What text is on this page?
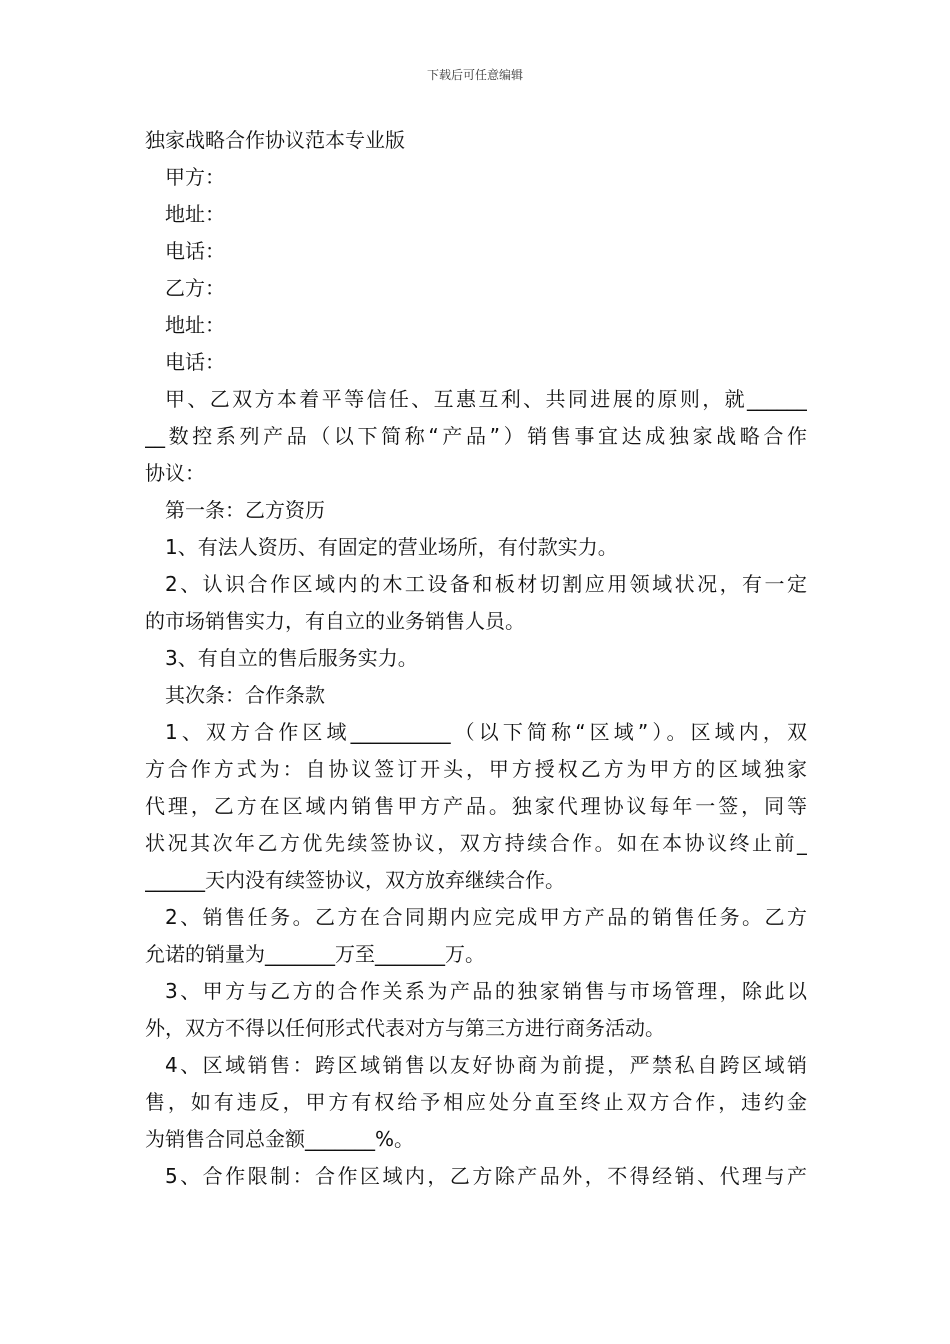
下载后可任意编辑
独家战略合作协议范本专业版
甲方：
地址：
电话：
乙方：
地址：
电话：
甲、乙双方本着平等信任、互惠互利、共同进展的原则，就______
__数控系列产品（以下简称“产品”）销售事宜达成独家战略合作
协议：
第一条：乙方资历
1、有法人资历、有固定的营业场所，有付款实力。
2、认识合作区域内的木工设备和板材切割应用领域状况，有一定
的市场销售实力，有自立的业务销售人员。
3、有自立的售后服务实力。
其次条：合作条款
1、双方合作区域__________（以下简称“区域”）。区域内，双
方合作方式为：自协议签订开头，甲方授权乙方为甲方的区域独家
代理，乙方在区域内销售甲方产品。独家代理协议每年一签，同等
状况其次年乙方优先续签协议，双方持续合作。如在本协议终止前_
______天内没有续签协议，双方放弃继续合作。
2、销售任务。乙方在合同期内应完成甲方产品的销售任务。乙方
允诺的销量为_______万至_______万。
3、甲方与乙方的合作关系为产品的独家销售与市场管理，除此以
外，双方不得以任何形式代表对方与第三方进行商务活动。
4、区域销售：跨区域销售以友好协商为前提，严禁私自跨区域销
售，如有违反，甲方有权给予相应处分直至终止双方合作，违约金
为销售合同总金额_______%。
5、合作限制：合作区域内，乙方除产品外，不得经销、代理与产
